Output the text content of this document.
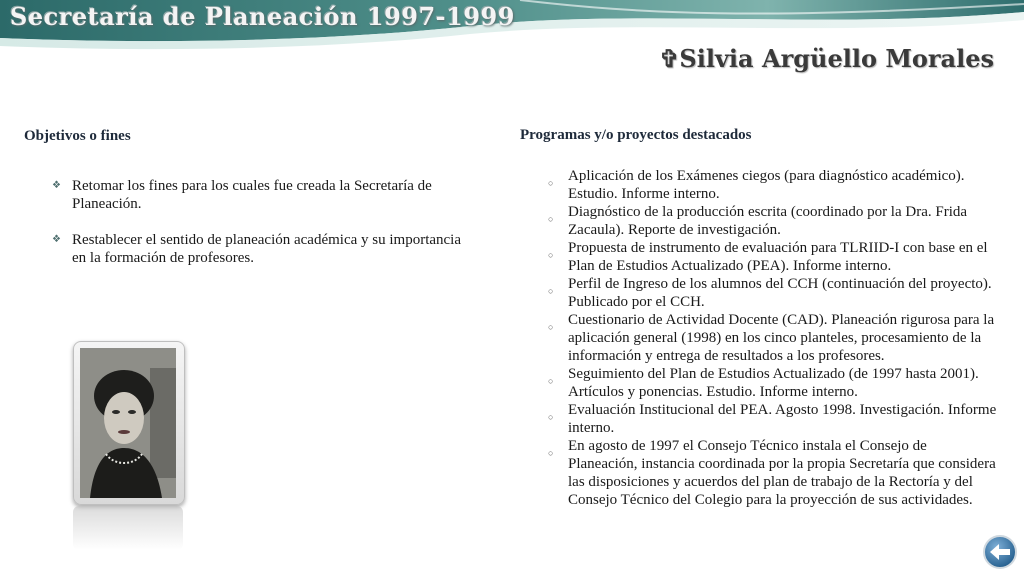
Secretaría de Planeación 1997-1999
✞Silvia Argüello Morales
Objetivos o fines
❖ Retomar los fines para los cuales fue creada la Secretaría de Planeación.
❖ Restablecer el sentido de planeación académica y su importancia en la formación de profesores.
Programas y/o proyectos destacados
○ Aplicación de los Exámenes ciegos (para diagnóstico académico). Estudio. Informe interno.
○ Diagnóstico de la producción escrita (coordinado por la Dra. Frida Zacaula). Reporte de investigación.
○ Propuesta de instrumento de evaluación para TLRIID-I con base en el Plan de Estudios Actualizado (PEA). Informe interno.
○ Perfil de Ingreso de los alumnos del CCH (continuación del proyecto). Publicado por el CCH.
○ Cuestionario de Actividad Docente (CAD). Planeación rigurosa para la aplicación general (1998) en los cinco planteles, procesamiento de la información y entrega de resultados a los profesores.
○ Seguimiento del Plan de Estudios Actualizado (de 1997 hasta 2001). Artículos y ponencias. Estudio. Informe interno.
○ Evaluación Institucional del PEA. Agosto 1998. Investigación. Informe interno.
○ En agosto de 1997 el Consejo Técnico instala el Consejo de Planeación, instancia coordinada por la propia Secretaría que considera las disposiciones y acuerdos del plan de trabajo de la Rectoría y del Consejo Técnico del Colegio para la proyección de sus actividades.
